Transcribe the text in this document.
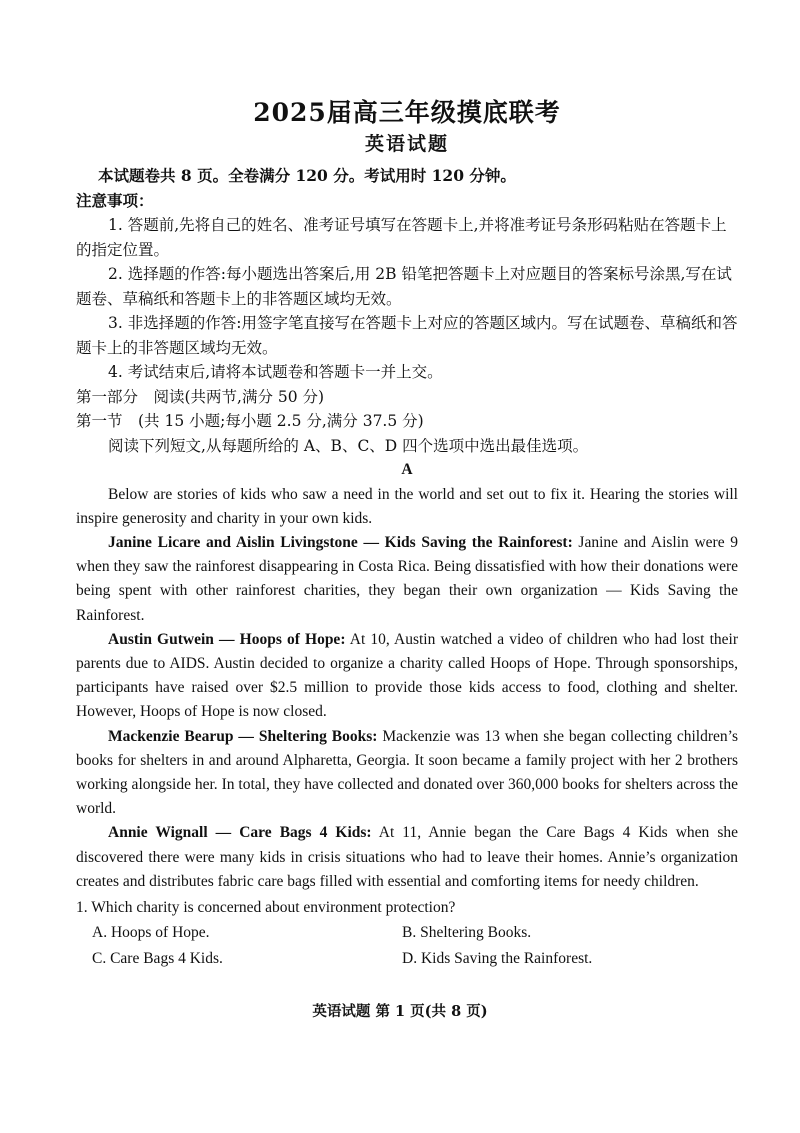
2025届高三年级摸底联考

英语试题

本试题卷共 8 页。全卷满分 120 分。考试用时 120 分钟。

注意事项：

1. 答题前,先将自己的姓名、准考证号填写在答题卡上,并将准考证号条形码粘贴在答题卡上的指定位置。

2. 选择题的作答:每小题选出答案后,用 2B 铅笔把答题卡上对应题目的答案标号涂黑,写在试题卷、草稿纸和答题卡上的非答题区域均无效。

3. 非选择题的作答:用签字笔直接写在答题卡上对应的答题区域内。写在试题卷、草稿纸和答题卡上的非答题区域均无效。

4. 考试结束后,请将本试题卷和答题卡一并上交。

第一部分　阅读(共两节,满分 50 分)

第一节　(共 15 小题;每小题 2.5 分,满分 37.5 分)

阅读下列短文,从每题所给的 A、B、C、D 四个选项中选出最佳选项。

A

Below are stories of kids who saw a need in the world and set out to fix it. Hearing the stories will inspire generosity and charity in your own kids.

Janine Licare and Aislin Livingstone — Kids Saving the Rainforest: Janine and Aislin were 9 when they saw the rainforest disappearing in Costa Rica. Being dissatisfied with how their donations were being spent with other rainforest charities, they began their own organization — Kids Saving the Rainforest.

Austin Gutwein — Hoops of Hope: At 10, Austin watched a video of children who had lost their parents due to AIDS. Austin decided to organize a charity called Hoops of Hope. Through sponsorships, participants have raised over $2.5 million to provide those kids access to food, clothing and shelter. However, Hoops of Hope is now closed.

Mackenzie Bearup — Sheltering Books: Mackenzie was 13 when she began collecting children’s books for shelters in and around Alpharetta, Georgia. It soon became a family project with her 2 brothers working alongside her. In total, they have collected and donated over 360,000 books for shelters across the world.

Annie Wignall — Care Bags 4 Kids: At 11, Annie began the Care Bags 4 Kids when she discovered there were many kids in crisis situations who had to leave their homes. Annie’s organization creates and distributes fabric care bags filled with essential and comforting items for needy children.

1. Which charity is concerned about environment protection?

A. Hoops of Hope.	B. Sheltering Books.
C. Care Bags 4 Kids.	D. Kids Saving the Rainforest.
英语试题 第 1 页(共 8 页)
